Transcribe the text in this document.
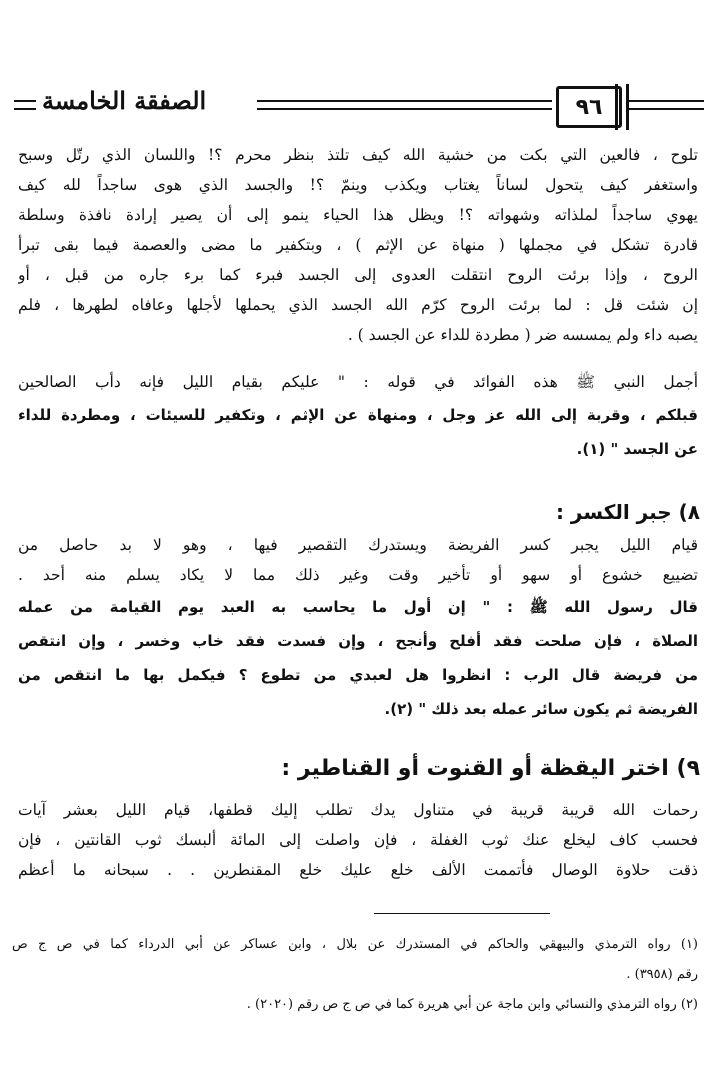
٩٦
الصفقة الخامسة
تلوح ، فالعين التي بكت من خشية الله كيف تلتذ بنظر محرم ؟! واللسان الذي رتّل وسبح
واستغفر كيف يتحول لساناً يغتاب ويكذب وينمّ ؟! والجسد الذي هوى ساجداً لله كيف
يهوي ساجداً لملذاته وشهواته ؟! ويظل هذا الحياء ينمو إلى أن يصير إرادة نافذة وسلطة
قادرة تشكل في مجملها ( منهاة عن الإثم ) ، وبتكفير ما مضى والعصمة فيما بقى تبرأ
الروح ، وإذا برئت الروح انتقلت العدوى إلى الجسد فبرء كما برء جاره من قبل ، أو
إن شئت قل : لما برئت الروح كرّم الله الجسد الذي يحملها لأجلها وعافاه لطهرها ، فلم
يصبه داء ولم يمسسه ضر ( مطردة للداء عن الجسد ) .
أجمل النبي ﷺ هذه الفوائد في قوله : " عليكم بقيام الليل فإنه دأب الصالحين
قبلكم ، وقربة إلى الله عز وجل ، ومنهاة عن الإثم ، وتكفير للسيئات ، ومطردة للداء
عن الجسد " (١).
٨) جبر الكسر :
قيام الليل يجبر كسر الفريضة ويستدرك التقصير فيها ، وهو لا بد حاصل من
تضييع خشوع أو سهو أو تأخير وقت وغير ذلك مما لا يكاد يسلم منه أحد .
قال رسول الله ﷺ : " إن أول ما يحاسب به العبد يوم القيامة من عمله
الصلاة ، فإن صلحت فقد أفلح وأنجح ، وإن فسدت فقد خاب وخسر ، وإن انتقص
من فريضة قال الرب : انظروا هل لعبدي من تطوع ؟ فيكمل بها ما انتقص من
الفريضة ثم يكون سائر عمله بعد ذلك " (٢).
٩) اختر اليقظة أو القنوت أو القناطير :
رحمات الله قريبة قريبة في متناول يدك تطلب إليك قطفها، قيام الليل بعشر آيات
فحسب كاف ليخلع عنك ثوب الغفلة ، فإن واصلت إلى المائة ألبسك ثوب القانتين ، فإن
ذقت حلاوة الوصال فأتممت الألف خلع عليك خلع المقنطرين . . سبحانه ما أعظم
(١) رواه الترمذي والبيهقي والحاكم في المستدرك عن بلال ، وابن عساكر عن أبي الدرداء كما في ص ج ص
رقم (٣٩٥٨) .
(٢) رواه الترمذي والنسائي وابن ماجة عن أبي هريرة كما في ص ج ص رقم (٢٠٢٠) .
